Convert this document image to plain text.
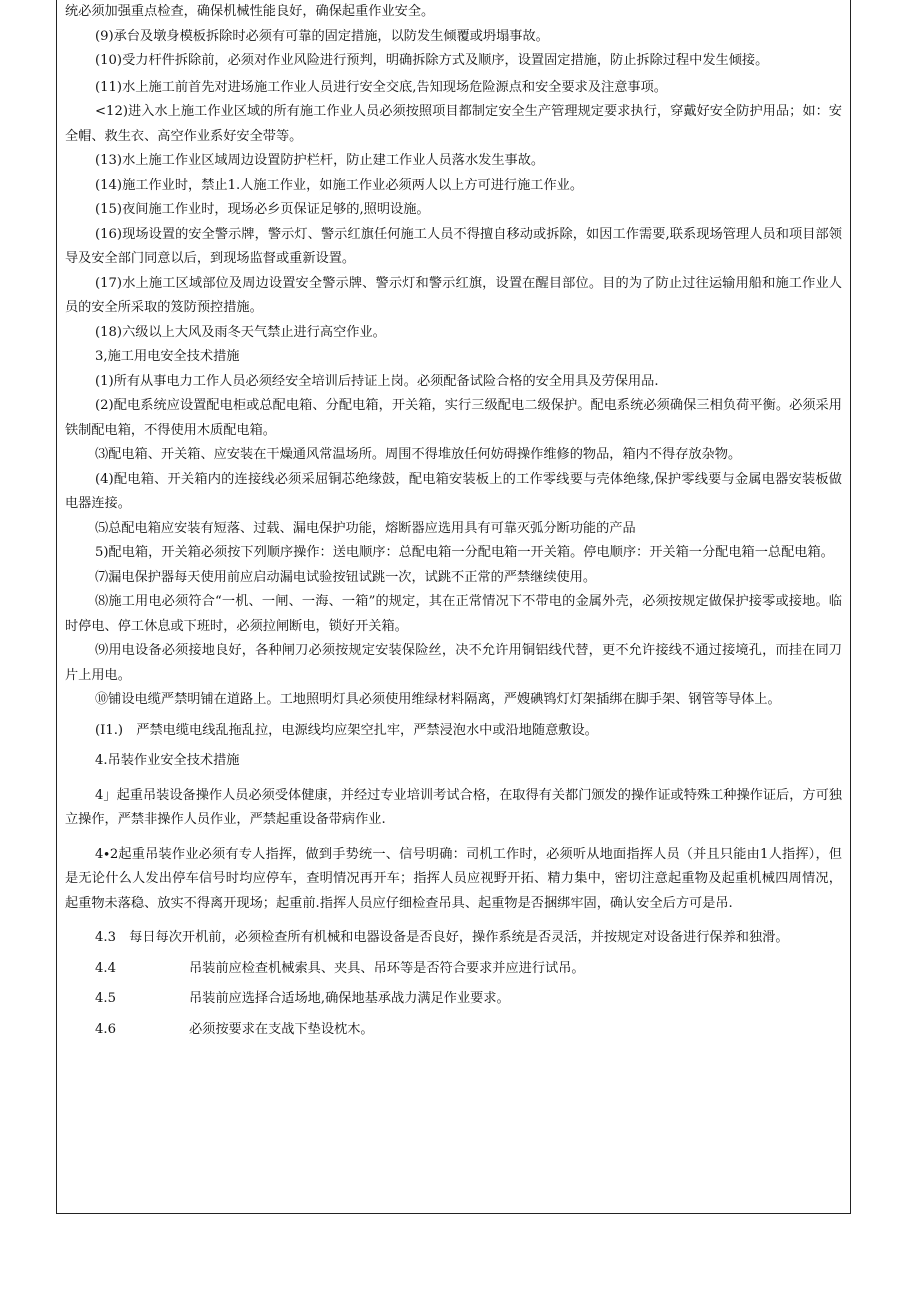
统必须加强重点检查，确保机械性能良好，确保起重作业安全。

(9)承台及墩身模板拆除时必须有可靠的固定措施，以防发生倾覆或坍塌事故。

(10)受力杆件拆除前，必须对作业风险进行预判，明确拆除方式及顺序，设置固定措施，防止拆除过程中发生倾接。

(11)水上施工前首先对进场施工作业人员进行安全交底,告知现场危险源点和安全要求及注意事项。

<12)进入水上施工作业区域的所有施工作业人员必须按照项目都制定安全生产管理规定要求执行，穿戴好安全防护用品；如：安全帽、救生衣、高空作业系好安全带等。

(13)水上施工作业区域周边设置防护栏杆，防止建工作业人员落水发生事故。

(14)施工作业时，禁止1.人施工作业，如施工作业必须两人以上方可进行施工作业。

(15)夜间施工作业时，现场必乡页保证足够的,照明设施。

(16)现场设置的安全警示牌，警示灯、警示红旗任何施工人员不得擅自移动或拆除，如因工作需要,联系现场管理人员和项目部领导及安全部门同意以后，到现场监督或重新设置。

(17)水上施工区域部位及周边设置安全警示牌、警示灯和警示红旗，设置在醒目部位。目的为了防止过往运输用船和施工作业人员的安全所采取的笈防预控措施。

(18)六级以上大风及雨冬天气禁止进行高空作业。

3,施工用电安全技术措施

(1)所有从事电力工作人员必须经安全培训后持证上岗。必须配备试险合格的安全用具及劳保用品.

(2)配电系统应设置配电柜或总配电箱、分配电箱，开关箱，实行三级配电二级保护。配电系统必须确保三相负荷平衡。必须采用铁制配电箱，不得使用木质配电箱。

⑶配电箱、开关箱、应安装在干燥通风常温场所。周围不得堆放任何妨碍操作维修的物品，箱内不得存放杂物。

(4)配电箱、开关箱内的连接线必须采屈铜芯绝缘鼓，配电箱安装板上的工作零线要与壳体绝缘,保护零线要与金属电器安装板做电器连接。

⑸总配电箱应安装有短落、过载、漏电保护功能，熔断器应选用具有可靠灭弧分断功能的产品

5)配电箱，开关箱必须按下列顺序操作：送电顺序：总配电箱一分配电箱一开关箱。停电顺序：开关箱一分配电箱一总配电箱。

⑺漏电保护器每天使用前应启动漏电试验按钮试跳一次，试跳不正常的严禁继续使用。

⑻施工用电必须符合“一机、一闸、一海、一箱”的规定，其在正常情况下不带电的金属外壳，必须按规定做保护接零或接地。临时停电、停工休息或下班时，必须拉闸断电，锁好开关箱。

⑼用电设备必须接地良好，各种闸刀必须按规定安装保险丝，决不允许用铜铝线代替，更不允许接线不通过接境孔，而挂在同刀片上用电。

⑩铺设电缆严禁明铺在道路上。工地照明灯具必须使用维绿材料隔离，严嫂碘鸨灯灯架插绑在脚手架、钢管等导体上。

(I1.)　严禁电缆电线乱拖乱拉，电源线均应架空扎牢，严禁浸泡水中或沿地随意敷设。

4.吊装作业安全技术措施

4」起重吊装设备操作人员必须受体健康，并经过专业培训考试合格，在取得有关都门颁发的操作证或特殊工种操作证后，方可独立操作，严禁非操作人员作业，严禁起重设备带病作业.

4∙2起重吊装作业必须有专人指挥，做到手势统一、信号明确：司机工作时，必须听从地面指挥人员（并且只能由1人指挥），但是无论什么人发出停车信号时均应停车，查明情况再开车；指挥人员应视野开拓、精力集中，密切注意起重物及起重机械四周情况，起重物未落稳、放实不得离开现场；起重前.指挥人员应仔细检查吊具、起重物是否捆绑牢固，确认安全后方可是吊.

4.3　 每日每次开机前，必须检查所有机械和电器设备是否良好，操作系统是否灵活，并按规定对设备进行保养和独滑。
4.4	吊装前应检查机械索具、夹具、吊环等是否符合要求并应进行试吊。
4.5	吊装前应选择合适场地,确保地基承战力满足作业要求。
4.6	必须按要求在支战下垫设枕木。
